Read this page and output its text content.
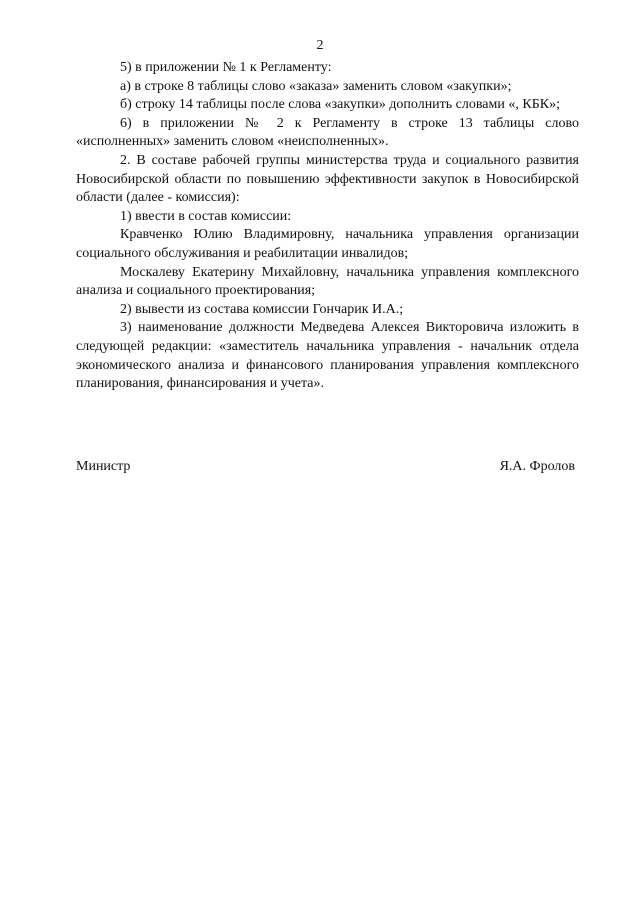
2

5) в приложении № 1 к Регламенту:

а) в строке 8 таблицы слово «заказа» заменить словом «закупки»;

б) строку 14 таблицы после слова «закупки» дополнить словами «, КБК»;

6) в приложении № 2 к Регламенту в строке 13 таблицы слово «исполненных» заменить словом «неисполненных».

2. В составе рабочей группы министерства труда и социального развития Новосибирской области по повышению эффективности закупок в Новосибирской области (далее - комиссия):

1) ввести в состав комиссии:

Кравченко Юлию Владимировну, начальника управления организации социального обслуживания и реабилитации инвалидов;

Москалеву Екатерину Михайловну, начальника управления комплексного анализа и социального проектирования;

2) вывести из состава комиссии Гончарик И.А.;

3) наименование должности Медведева Алексея Викторовича изложить в следующей редакции: «заместитель начальника управления - начальник отдела экономического анализа и финансового планирования управления комплексного планирования, финансирования и учета».

Министр	Я.А. Фролов
